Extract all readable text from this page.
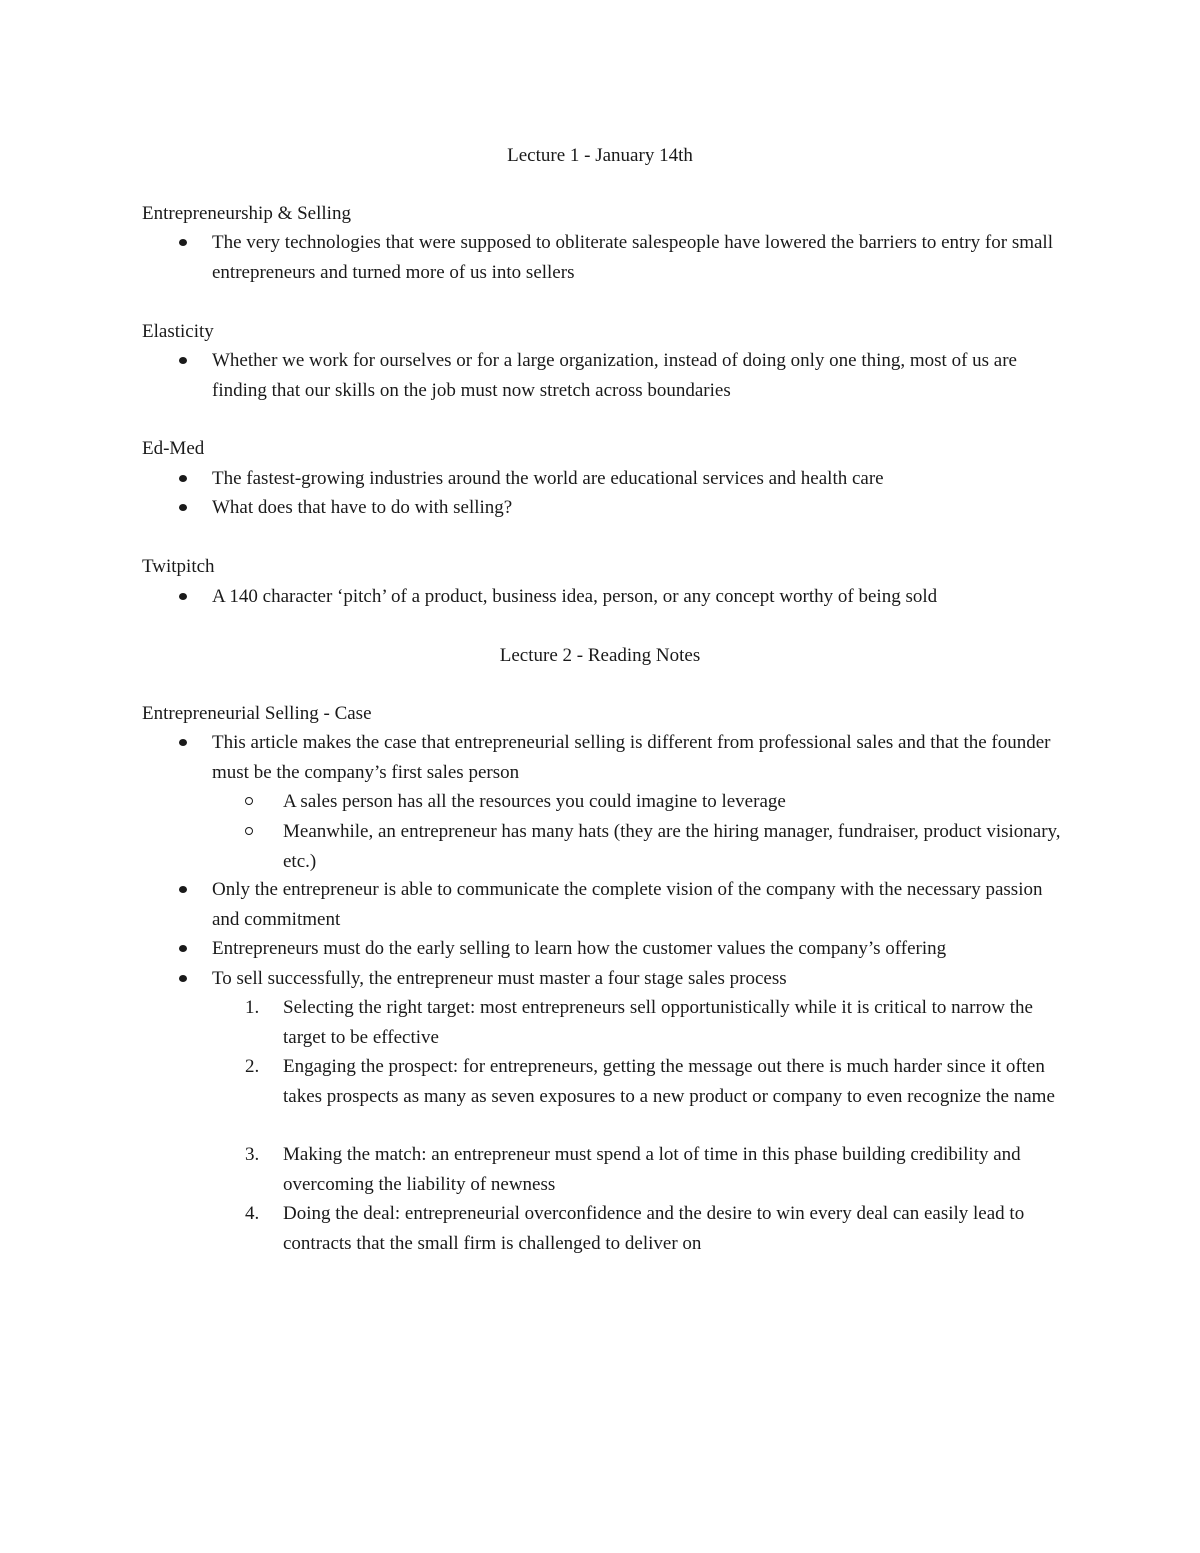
Lecture 1 - January 14th
Entrepreneurship & Selling
The very technologies that were supposed to obliterate salespeople have lowered the barriers to entry for small entrepreneurs and turned more of us into sellers
Elasticity
Whether we work for ourselves or for a large organization, instead of doing only one thing, most of us are finding that our skills on the job must now stretch across boundaries
Ed-Med
The fastest-growing industries around the world are educational services and health care
What does that have to do with selling?
Twitpitch
A 140 character ‘pitch’ of a product, business idea, person, or any concept worthy of being sold
Lecture 2 - Reading Notes
Entrepreneurial Selling - Case
This article makes the case that entrepreneurial selling is different from professional sales and that the founder must be the company’s first sales person
A sales person has all the resources you could imagine to leverage
Meanwhile, an entrepreneur has many hats (they are the hiring manager, fundraiser, product visionary, etc.)
Only the entrepreneur is able to communicate the complete vision of the company with the necessary passion and commitment
Entrepreneurs must do the early selling to learn how the customer values the company’s offering
To sell successfully, the entrepreneur must master a four stage sales process
1. Selecting the right target: most entrepreneurs sell opportunistically while it is critical to narrow the target to be effective
2. Engaging the prospect: for entrepreneurs, getting the message out there is much harder since it often takes prospects as many as seven exposures to a new product or company to even recognize the name
3. Making the match: an entrepreneur must spend a lot of time in this phase building credibility and overcoming the liability of newness
4. Doing the deal: entrepreneurial overconfidence and the desire to win every deal can easily lead to contracts that the small firm is challenged to deliver on
